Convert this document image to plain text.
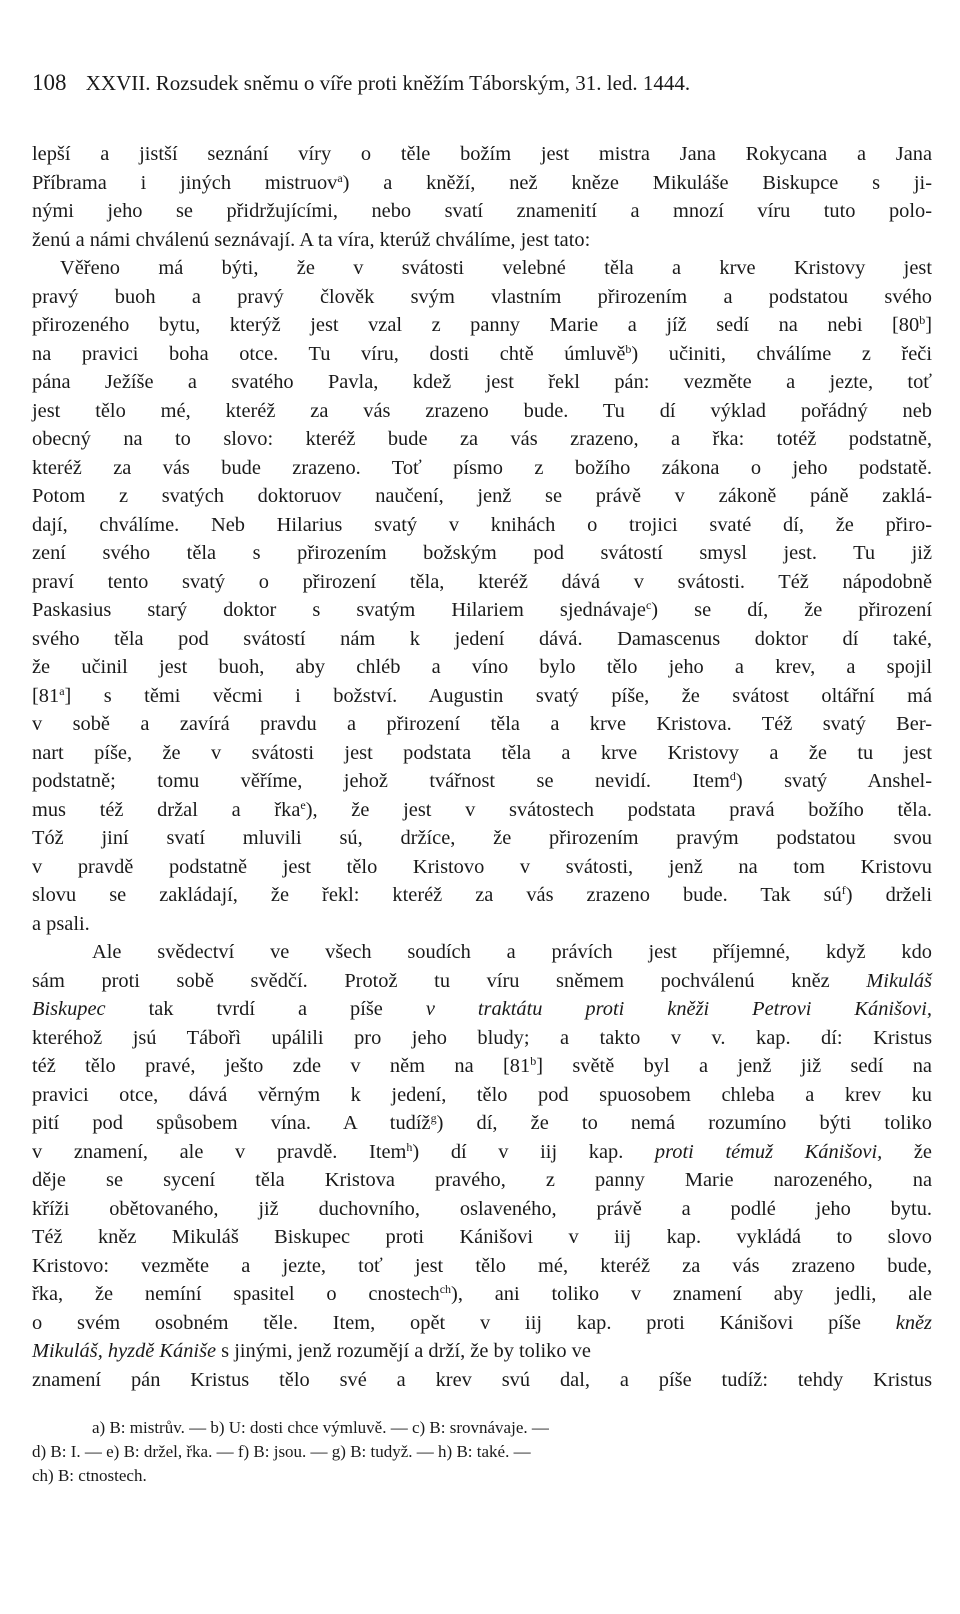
108 XXVII. Rozsudek sněmu o víře proti kněžím Táborským, 31. led. 1444.
lepší a jistší seznání víry o těle božím jest mistra Jana Rokycana a Jana
Příbrama i jiných mistruov$^a$) a kněží, než kněze Mikuláše Biskupce s ji-
nými jeho se přidržujícími, nebo svatí znamenití a mnozí víru tuto polo-
ženú a námi chválenú seznávají. A ta víra, kterúž chválíme, jest tato:
Věřeno má býti, že v svátosti velebné těla a krve Kristovy jest
pravý buoh a pravý člověk svým vlastním přirozením a podstatou svého
přirozeného bytu, kterýž jest vzal z panny Marie a jíž sedí na nebi [80$^b$]
na pravici boha otce. Tu víru, dosti chtě úmluvě$^b$) učiniti, chválíme z řeči
pána Ježíše a svatého Pavla, kdež jest řekl pán: vezměte a jezte, toť
jest tělo mé, kteréž za vás zrazeno bude. Tu dí výklad pořádný neb
obecný na to slovo: kteréž bude za vás zrazeno, a řka: totéž podstatně,
kteréž za vás bude zrazeno. Toť písmo z božího zákona o jeho podstatě.
Potom z svatých doktoruov naučení, jenž se právě v zákoně páně zaklá-
dají, chválíme. Neb Hilarius svatý v knihách o trojici svaté dí, že přiro-
zení svého těla s přirozením božským pod svátostí smysl jest. Tu již
praví tento svatý o přirození těla, kteréž dává v svátosti. Též nápodobně
Paskasius starý doktor s svatým Hilariem sjednávaje$^c$) se dí, že přirození
svého těla pod svátostí nám k jedení dává. Damascenus doktor dí také,
že učinil jest buoh, aby chléb a víno bylo tělo jeho a krev, a spojil
[81$^a$] s těmi věcmi i božství. Augustin svatý píše, že svátost oltářní má
v sobě a zavírá pravdu a přirození těla a krve Kristova. Též svatý Ber-
nart píše, že v svátosti jest podstata těla a krve Kristovy a že tu jest
podstatně; tomu věříme, jehož tvářnost se nevidí. Item$^d$) svatý Anshel-
mus též držal a řka$^e$), že jest v svátostech podstata pravá božího těla.
Tóž jiní svatí mluvili sú, držíce, že přirozením pravým podstatou svou
v pravdě podstatně jest tělo Kristovo v svátosti, jenž na tom Kristovu
slovu se zakládají, že řekl: kteréž za vás zrazeno bude. Tak $sú^f$) drželi
a psali.
Ale svědectví ve všech soudích a právích jest příjemné, když kdo
sám proti sobě svědčí. Protož tu víru sněmem pochválenú kněz Mikuláš
Biskupec tak tvrdí a píše v traktátu proti kněži Petrovi Kánišovi,
kteréhož jsú Tábořì upálili pro jeho bludy; a takto v v. kap. dí: Kristus
též tělo pravé, ješto zde v něm na [81$^b$] světě byl a jenž již sedí na
pravici otce, dává věrným k jedení, tělo pod spuosobem chleba a krev ku
pití pod spůsobem vína. A tudíž$^g$) dí, že to nemá rozumíno býti toliko
v znamení, ale v pravdě. Item$^h$) dí v iij kap. proti témuž Kánišovi, že
děje se sycení těla Kristova pravého, z panny Marie narozeného, na
kříži obětovaného, již duchovního, oslaveného, právě a podlé jeho bytu.
Též kněz Mikuláš Biskupec proti Kánišovi v iij kap. vykládá to slovo
Kristovo: vezměte a jezte, toť jest tělo mé, kteréž za vás zrazeno bude,
řka, že nemíní spasitel o cnostech$^{ch}$), ani toliko v znamení aby jedli, ale
o svém osobném těle. Item, opět v iij kap. proti Kánišovi píše kněz
Mikuláš, hyzdě Kániše s jinými, jenž rozumějí a drží, že by toliko ve
znamení pán Kristus tělo své a krev svú dal, a píše tudíž: tehdy Kristus
a) B: mistrův. — b) U: dosti chce výmluvě. — c) B: srovnávaje. —
d) B: I. — e) B: držel, řka. — f) B: jsou. — g) B: tudyž. — h) B: také. —
ch) B: ctnostech.
